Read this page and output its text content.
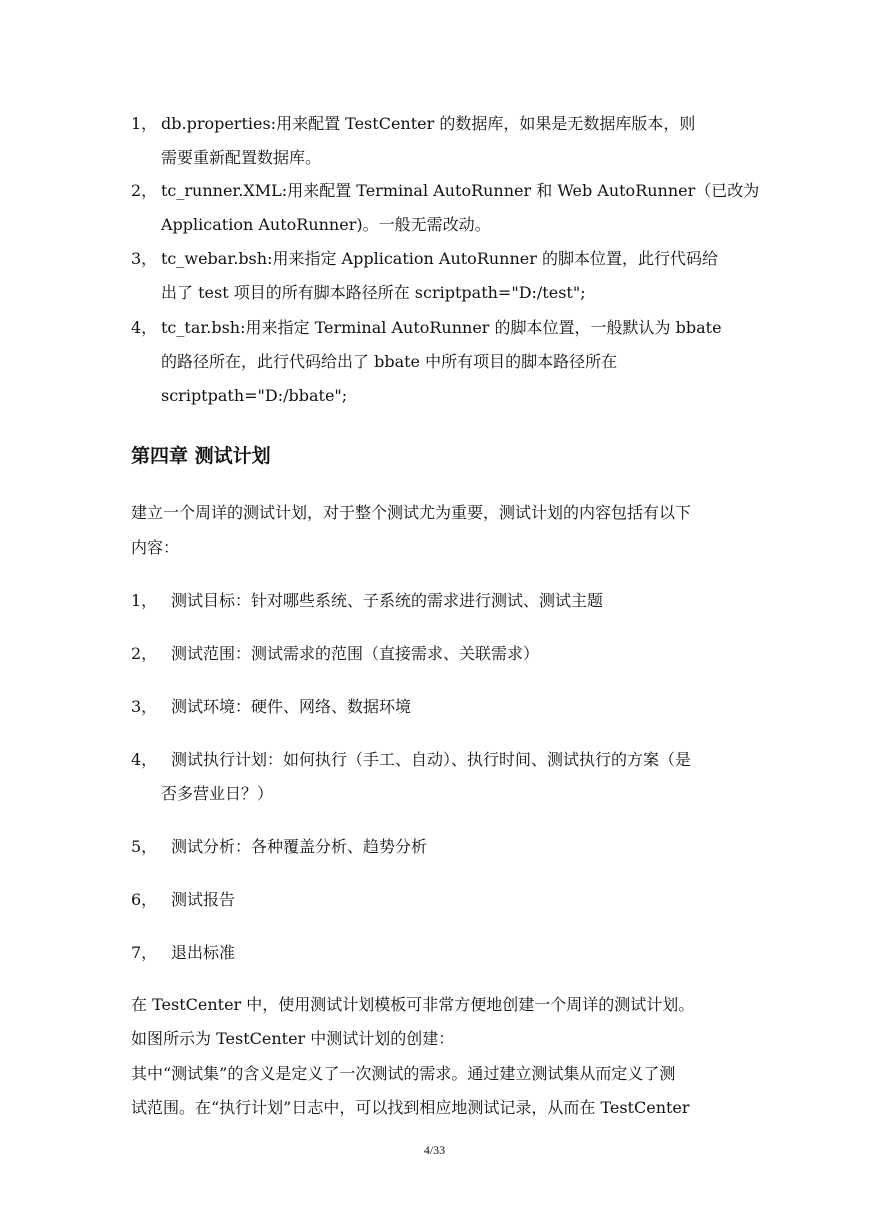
1， db.properties:用来配置 TestCenter 的数据库，如果是无数据库版本，则
需要重新配置数据库。
2， tc_runner.XML:用来配置 Terminal AutoRunner 和 Web AutoRunner（已改为
Application AutoRunner)。一般无需改动。
3， tc_webar.bsh:用来指定 Application AutoRunner 的脚本位置，此行代码给
出了 test 项目的所有脚本路径所在 scriptpath="D:/test";
4， tc_tar.bsh:用来指定 Terminal AutoRunner 的脚本位置，一般默认为 bbate
的路径所在，此行代码给出了 bbate 中所有项目的脚本路径所在
scriptpath="D:/bbate";
第四章 测试计划
建立一个周详的测试计划，对于整个测试尤为重要，测试计划的内容包括有以下
内容：
1， 测试目标：针对哪些系统、子系统的需求进行测试、测试主题
2， 测试范围：测试需求的范围（直接需求、关联需求）
3， 测试环境：硬件、网络、数据环境
4， 测试执行计划：如何执行（手工、自动）、执行时间、测试执行的方案（是
否多营业日？）
5， 测试分析：各种覆盖分析、趋势分析
6， 测试报告
7， 退出标准
在 TestCenter 中，使用测试计划模板可非常方便地创建一个周详的测试计划。
如图所示为 TestCenter 中测试计划的创建：
其中“测试集”的含义是定义了一次测试的需求。通过建立测试集从而定义了测
试范围。在“执行计划”日志中，可以找到相应地测试记录，从而在 TestCenter
4/33
